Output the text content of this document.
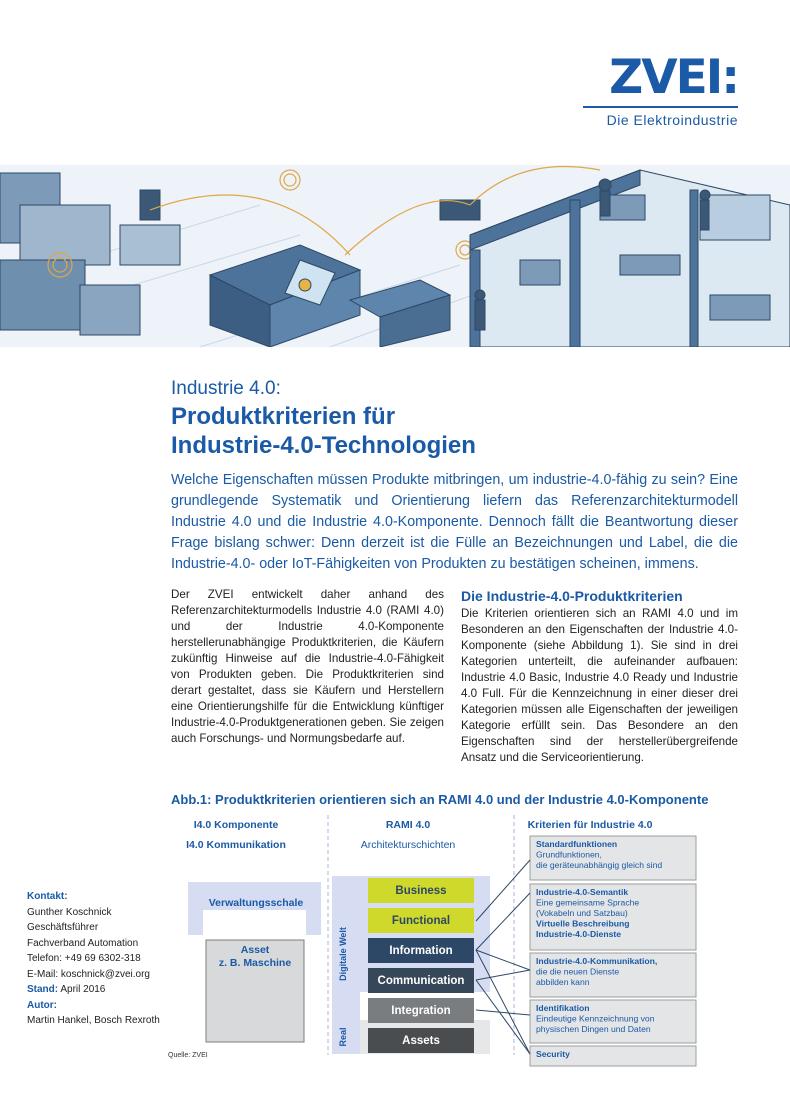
ZVEI:
Die Elektroindustrie
Industrie 4.0:
Produktkriterien für
Industrie-4.0-Technologien
Welche Eigenschaften müssen Produkte mitbringen, um industrie-4.0-fähig zu sein? Eine grundlegende Systematik und Orientierung liefern das Referenzarchitekturmodell Industrie 4.0 und die Industrie 4.0-Komponente. Dennoch fällt die Beantwortung dieser Frage bislang schwer: Denn derzeit ist die Fülle an Bezeichnungen und Label, die die Industrie-4.0- oder IoT-Fähigkeiten von Produkten zu bestätigen scheinen, immens.
Der ZVEI entwickelt daher anhand des Referenzarchitekturmodells Industrie 4.0 (RAMI 4.0) und der Industrie 4.0-Komponente herstellerunabhängige Produktkriterien, die Käufern zukünftig Hinweise auf die Industrie-4.0-Fähigkeit von Produkten geben. Die Produktkriterien sind derart gestaltet, dass sie Käufern und Herstellern eine Orientierungshilfe für die Entwicklung künftiger Industrie-4.0-Produktgenerationen geben. Sie zeigen auch Forschungs- und Normungsbedarfe auf.
Die Industrie-4.0-Produktkriterien
Die Kriterien orientieren sich an RAMI 4.0 und im Besonderen an den Eigenschaften der Industrie 4.0-Komponente (siehe Abbildung 1). Sie sind in drei Kategorien unterteilt, die aufeinander aufbauen: Industrie 4.0 Basic, Industrie 4.0 Ready und Industrie 4.0 Full. Für die Kennzeichnung in einer dieser drei Kategorien müssen alle Eigenschaften der jeweiligen Kategorie erfüllt sein. Das Besondere an den Eigenschaften sind der herstellerübergreifende Ansatz und die Serviceorientierung.
Abb.1: Produktkriterien orientieren sich an RAMI 4.0 und der Industrie 4.0-Komponente
Kontakt:
Gunther Koschnick
Geschäftsführer
Fachverband Automation
Telefon: +49 69 6302-318
E-Mail: koschnick@zvei.org
Stand: April 2016
Autor:
Martin Hankel, Bosch Rexroth
I4.0 Komponente
I4.0 Kommunikation
RAMI 4.0
Architekturschichten
Kriterien für Industrie 4.0
Verwaltungsschale
Asset
z. B. Maschine	Digitale Welt
Real
Business
Functional
Information
Communication
Integration
Assets
Standardfunktionen
Grundfunktionen,
die geräteunabhängig gleich sind
Industrie-4.0-Semantik
Eine gemeinsame Sprache
(Vokabeln und Satzbau)
Virtuelle Beschreibung
Industrie-4.0-Dienste
Industrie-4.0-Kommunikation,
die die neuen Dienste
abbilden kann
Identifikation
Eindeutige Kennzeichnung von
physischen Dingen und Daten
Security
Quelle: ZVEI
